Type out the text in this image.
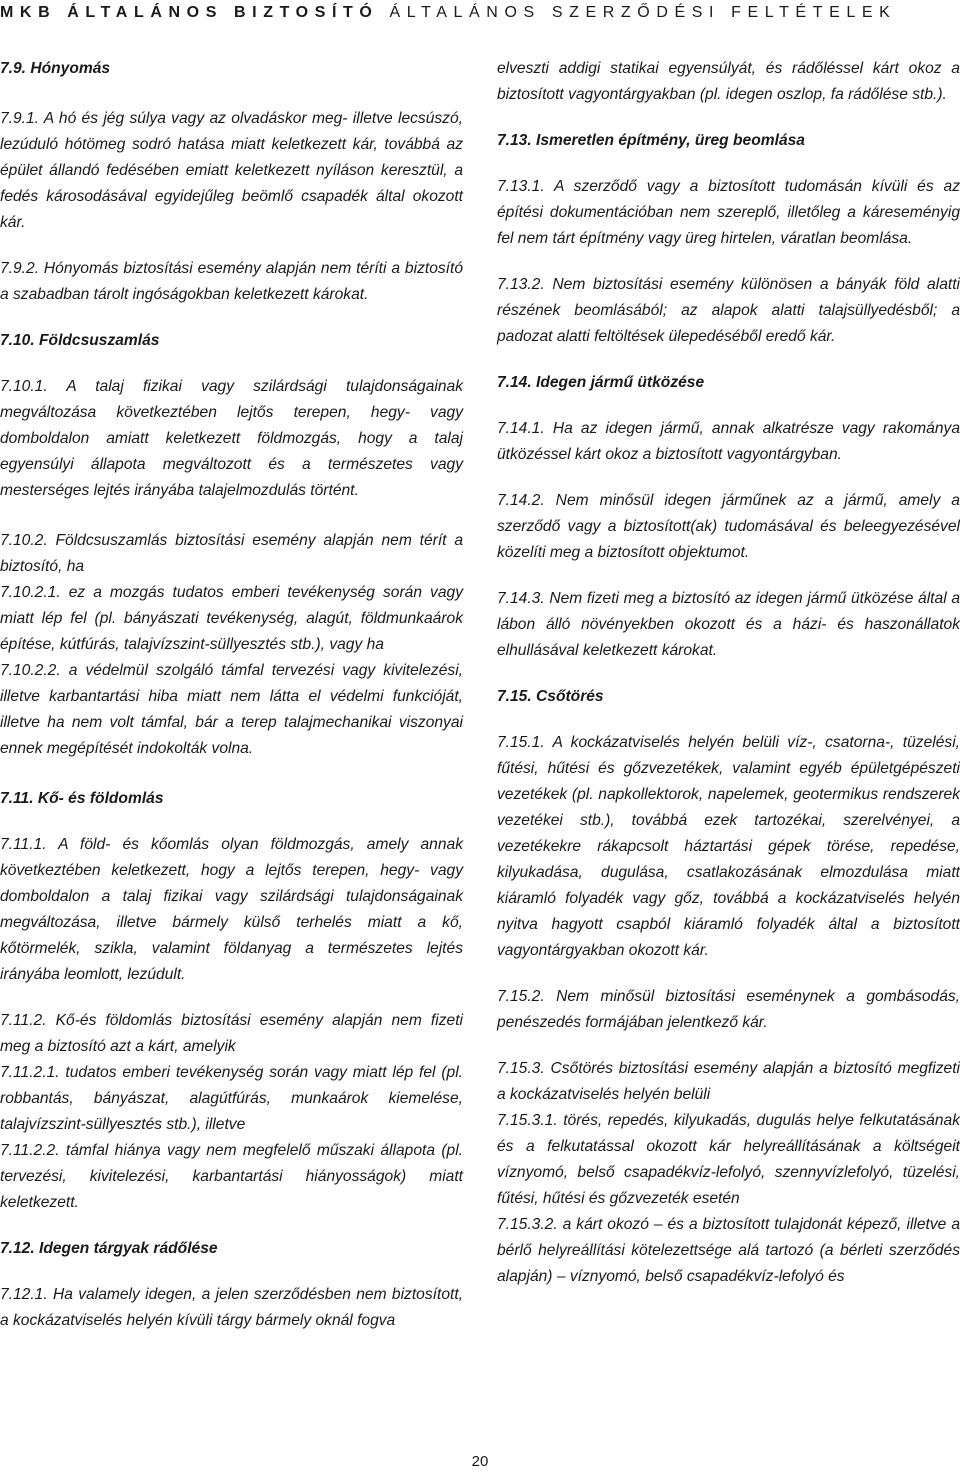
MKB ÁLTALÁNOS BIZTOSÍTÓ ÁLTALÁNOS SZERZŐDÉSI FELTÉTELEK
7.9. Hónyomás

7.9.1. A hó és jég súlya vagy az olvadáskor meg- illetve lecsúszó, lezúduló hótömeg sodró hatása miatt keletkezett kár, továbbá az épület állandó fedésében emiatt keletkezett nyíláson keresztül, a fedés károsodásával egyidejűleg beömlő csapadék által okozott kár.

7.9.2. Hónyomás biztosítási esemény alapján nem téríti a biztosító a szabadban tárolt ingóságokban keletkezett károkat.

7.10. Földcsuszamlás

7.10.1. A talaj fizikai vagy szilárdsági tulajdonságainak megváltozása következtében lejtős terepen, hegy- vagy domboldalon amiatt keletkezett földmozgás, hogy a talaj egyensúlyi állapota megváltozott és a természetes vagy mesterséges lejtés irányába talajelmozdulás történt.

7.10.2. Földcsuszamlás biztosítási esemény alapján nem térít a biztosító, ha

7.10.2.1. ez a mozgás tudatos emberi tevékenység során vagy miatt lép fel (pl. bányászati tevékenység, alagút, földmunkaárok építése, kútfúrás, talajvízszint-süllyesztés stb.), vagy ha

7.10.2.2. a védelmül szolgáló támfal tervezési vagy kivitelezési, illetve karbantartási hiba miatt nem látta el védelmi funkcióját, illetve ha nem volt támfal, bár a terep talajmechanikai viszonyai ennek megépítését indokolták volna.

7.11. Kő- és földomlás

7.11.1. A föld- és kőomlás olyan földmozgás, amely annak következtében keletkezett, hogy a lejtős terepen, hegy- vagy domboldalon a talaj fizikai vagy szilárdsági tulajdonságainak megváltozása, illetve bármely külső terhelés miatt a kő, kőtörmelék, szikla, valamint földanyag a természetes lejtés irányába leomlott, lezúdult.

7.11.2. Kő-és földomlás biztosítási esemény alapján nem fizeti meg a biztosító azt a kárt, amelyik

7.11.2.1. tudatos emberi tevékenység során vagy miatt lép fel (pl. robbantás, bányászat, alagútfúrás, munkaárok kiemelése, talajvízszint-süllyesztés stb.), illetve

7.11.2.2. támfal hiánya vagy nem megfelelő műszaki állapota (pl. tervezési, kivitelezési, karbantartási hiányosságok) miatt keletkezett.

7.12. Idegen tárgyak rádőlése

7.12.1. Ha valamely idegen, a jelen szerződésben nem biztosított, a kockázatviselés helyén kívüli tárgy bármely oknál fogva

elveszti addigi statikai egyensúlyát, és rádőléssel kárt okoz a biztosított vagyontárgyakban (pl. idegen oszlop, fa rádőlése stb.).

7.13. Ismeretlen építmény, üreg beomlása

7.13.1. A szerződő vagy a biztosított tudomásán kívüli és az építési dokumentációban nem szereplő, illetőleg a káreseményig fel nem tárt építmény vagy üreg hirtelen, váratlan beomlása.

7.13.2. Nem biztosítási esemény különösen a bányák föld alatti részének beomlásából; az alapok alatti talajsüllyedésből; a padozat alatti feltöltések ülepedéséből eredő kár.

7.14. Idegen jármű ütközése

7.14.1. Ha az idegen jármű, annak alkatrésze vagy rakománya ütközéssel kárt okoz a biztosított vagyontárgyban.

7.14.2. Nem minősül idegen járműnek az a jármű, amely a szerződő vagy a biztosított(ak) tudomásával és beleegyezésével közelíti meg a biztosított objektumot.

7.14.3. Nem fizeti meg a biztosító az idegen jármű ütközése által a lábon álló növényekben okozott és a házi- és haszonállatok elhullásával keletkezett károkat.

7.15. Csőtörés

7.15.1. A kockázatviselés helyén belüli víz-, csatorna-, tüzelési, fűtési, hűtési és gőzvezetékek, valamint egyéb épületgépészeti vezetékek (pl. napkollektorok, napelemek, geotermikus rendszerek vezetékei stb.), továbbá ezek tartozékai, szerelvényei, a vezetékekre rákapcsolt háztartási gépek törése, repedése, kilyukadása, dugulása, csatlakozásának elmozdulása miatt kiáramló folyadék vagy gőz, továbbá a kockázatviselés helyén nyitva hagyott csapból kiáramló folyadék által a biztosított vagyontárgyakban okozott kár.

7.15.2. Nem minősül biztosítási eseménynek a gombásodás, penészedés formájában jelentkező kár.

7.15.3. Csőtörés biztosítási esemény alapján a biztosító megfizeti a kockázatviselés helyén belüli

7.15.3.1. törés, repedés, kilyukadás, dugulás helye felkutatásának és a felkutatással okozott kár helyreállításának a költségeit víznyomó, belső csapadékvíz-lefolyó, szennyvízlefolyó, tüzelési, fűtési, hűtési és gőzvezeték esetén

7.15.3.2. a kárt okozó – és a biztosított tulajdonát képező, illetve a bérlő helyreállítási kötelezettsége alá tartozó (a bérleti szerződés alapján) – víznyomó, belső csapadékvíz-lefolyó és

20
